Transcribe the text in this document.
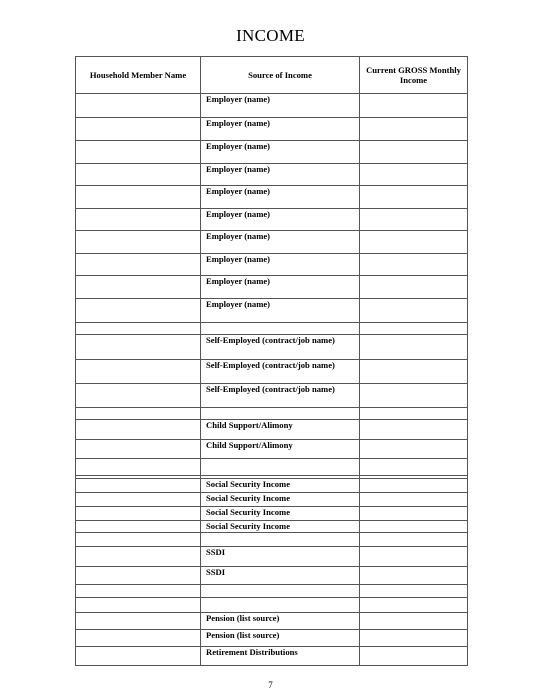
INCOME
Household Member Name	Source of Income	Current GROSS Monthly Income
	Employer (name)	
	Employer (name)	
	Employer (name)	
	Employer (name)	
	Employer (name)	
	Employer (name)	
	Employer (name)	
	Employer (name)	
	Employer (name)	
	Employer (name)	

	Self-Employed (contract/job name)	
	Self-Employed (contract/job name)	
	Self-Employed (contract/job name)	

	Child Support/Alimony	
	Child Support/Alimony	

	Social Security Income	
	Social Security Income	
	Social Security Income	
	Social Security Income	

	SSDI	
	SSDI	

	Pension (list source)	
	Pension (list source)	
	Retirement Distributions	
7
